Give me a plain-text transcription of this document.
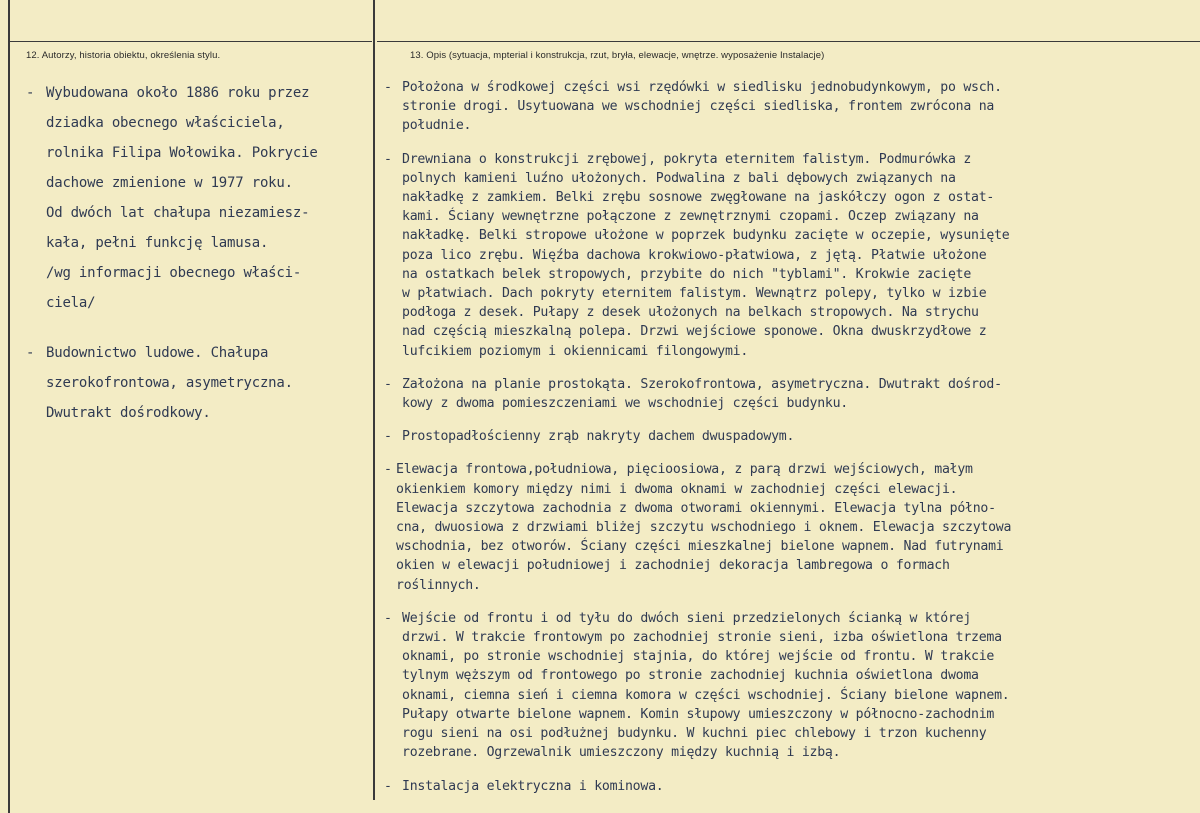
12. Autorzy, historia obiektu, określenia stylu.	13. Opis (sytuacja, mpterial i konstrukcja, rzut, bryła, elewacje, wnętrze. wyposażenie Instalacje)
- Wybudowana około 1886 roku przez
dziadka obecnego właściciela,
rolnika Filipa Wołowika. Pokrycie
dachowe zmienione w 1977 roku.
Od dwóch lat chałupa niezamiesz-
kała, pełni funkcję lamusa.
/wg informacji obecnego właści-
ciela/
- Budownictwo ludowe. Chałupa
szerokofrontowa, asymetryczna.
Dwutrakt dośrodkowy.
- Położona w środkowej części wsi rzędówki w siedlisku jednobudynkowym, po wsch.
stronie drogi. Usytuowana we wschodniej części siedliska, frontem zwrócona na
południe.
- Drewniana o konstrukcji zrębowej, pokryta eternitem falistym. Podmurówka z
polnych kamieni luźno ułożonych. Podwalina z bali dębowych związanych na
nakładkę z zamkiem. Belki zrębu sosnowe zwęgłowane na jaskółczy ogon z ostat-
kami. Ściany wewnętrzne połączone z zewnętrznymi czopami. Oczep związany na
nakładkę. Belki stropowe ułożone w poprzek budynku zacięte w oczepie, wysunięte
poza lico zrębu. Więźba dachowa krokwiowo-płatwiowa, z jętą. Płatwie ułożone
na ostatkach belek stropowych, przybite do nich "tyblami". Krokwie zacięte
w płatwiach. Dach pokryty eternitem falistym. Wewnątrz polepy, tylko w izbie
podłoga z desek. Pułapy z desek ułożonych na belkach stropowych. Na strychu
nad częścią mieszkalną polepa. Drzwi wejściowe sponowe. Okna dwuskrzydłowe z
lufcikiem poziomym i okiennicami filongowymi.
- Założona na planie prostokąta. Szerokofrontowa, asymetryczna. Dwutrakt dośrod-
kowy z dwoma pomieszczeniami we wschodniej części budynku.
- Prostopadłościenny zrąb nakryty dachem dwuspadowym.
- Elewacja frontowa,południowa, pięcioosiowa, z parą drzwi wejściowych, małym
okienkiem komory między nimi i dwoma oknami w zachodniej części elewacji.
Elewacja szczytowa zachodnia z dwoma otworami okiennymi. Elewacja tylna półno-
cna, dwuosiowa z drzwiami bliżej szczytu wschodniego i oknem. Elewacja szczytowa
wschodnia, bez otworów. Ściany części mieszkalnej bielone wapnem. Nad futrynami
okien w elewacji południowej i zachodniej dekoracja lambregowa o formach
roślinnych.
- Wejście od frontu i od tyłu do dwóch sieni przedzielonych ścianką w której
drzwi. W trakcie frontowym po zachodniej stronie sieni, izba oświetlona trzema
oknami, po stronie wschodniej stajnia, do której wejście od frontu. W trakcie
tylnym węższym od frontowego po stronie zachodniej kuchnia oświetlona dwoma
oknami, ciemna sień i ciemna komora w części wschodniej. Ściany bielone wapnem.
Pułapy otwarte bielone wapnem. Komin słupowy umieszczony w północno-zachodnim
rogu sieni na osi podłużnej budynku. W kuchni piec chlebowy i trzon kuchenny
rozebrane. Ogrzewalnik umieszczony między kuchnią i izbą.
- Instalacja elektryczna i kominowa.
